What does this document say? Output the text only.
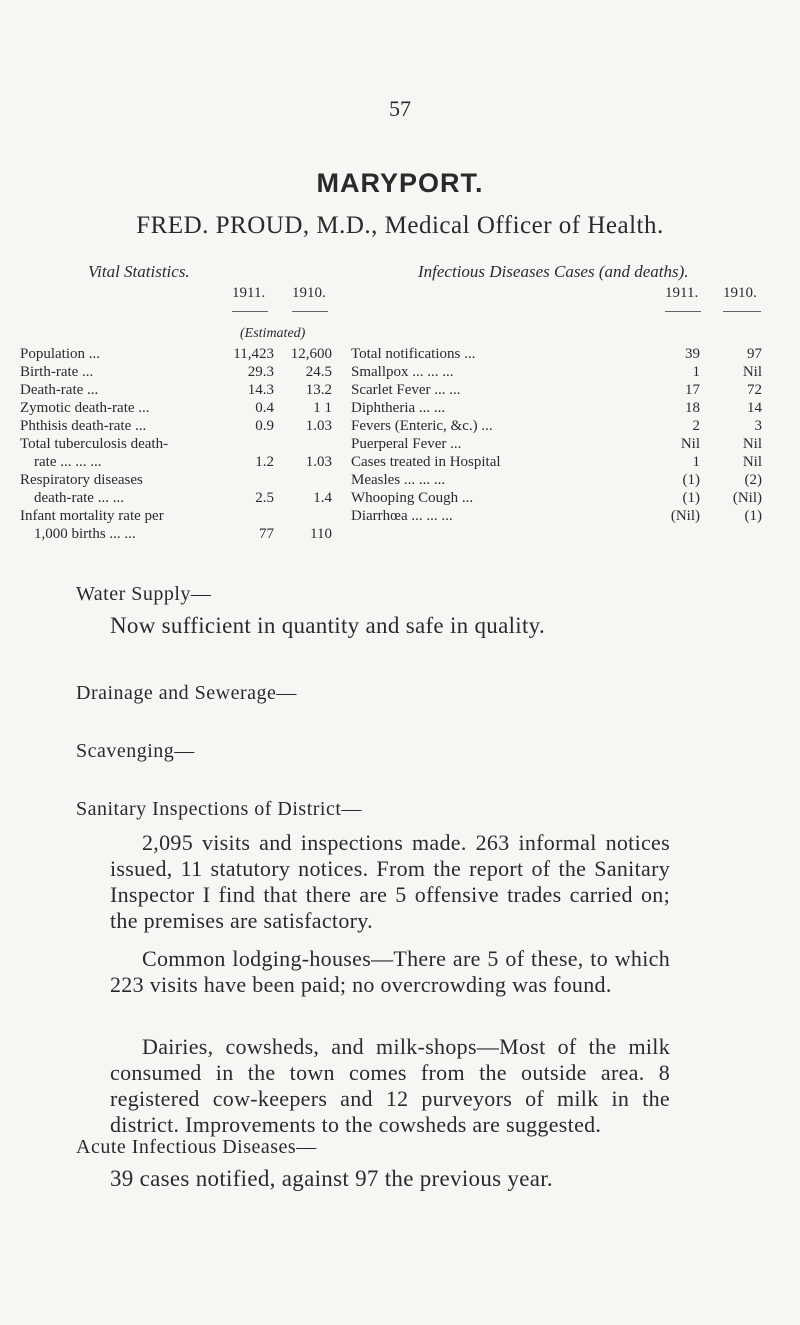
57
MARYPORT.
FRED. PROUD, M.D., Medical Officer of Health.
Vital Statistics.	Infectious Diseases Cases (and deaths).
1911. 1910.	1911. 1910.
(Estimated)
Population ...	11,423	12,600
Birth-rate ...	29.3	24.5
Death-rate ...	14.3	13.2
Zymotic death-rate ...	0.4	1 1
Phthisis death-rate ...	0.9	1.03
Total tuberculosis death-
rate ... ... ...	1.2	1.03
Respiratory diseases
death-rate ... ...	2.5	1.4
Infant mortality rate per
1,000 births ... ...	77	110
Total notifications ...	39	97
Smallpox ... ... ...	1	Nil
Scarlet Fever ... ...	17	72
Diphtheria ... ...	18	14
Fevers (Enteric, &c.) ...	2	3
Puerperal Fever ...	Nil	Nil
Cases treated in Hospital	1	Nil
Measles ... ... ...	(1)	(2)
Whooping Cough ...	(1)	(Nil)
Diarrhœa ... ... ...	(Nil)	(1)
Water Supply—
Now sufficient in quantity and safe in quality.
Drainage and Sewerage—
Scavenging—
Sanitary Inspections of District—
2,095 visits and inspections made. 263 informal notices issued, 11 statutory notices. From the report of the Sanitary Inspector I find that there are 5 offensive trades carried on; the premises are satisfactory.
Common lodging-houses—There are 5 of these, to which 223 visits have been paid; no overcrowding was found.
Dairies, cowsheds, and milk-shops—Most of the milk consumed in the town comes from the outside area. 8 registered cow-keepers and 12 purveyors of milk in the district. Improvements to the cowsheds are suggested.
Acute Infectious Diseases—
39 cases notified, against 97 the previous year.
